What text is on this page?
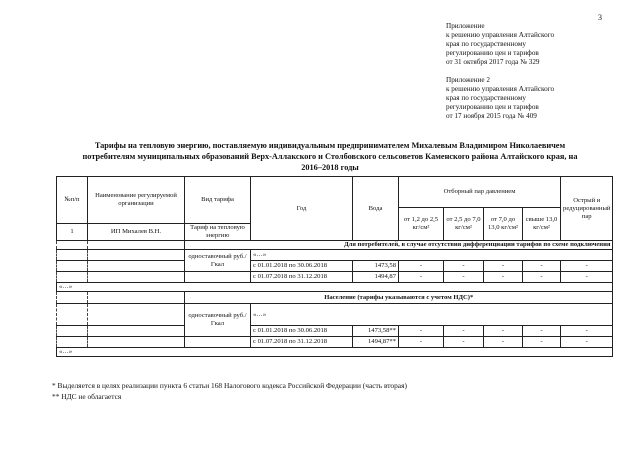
3
Приложение
к решению управления Алтайского
края по государственному
регулированию цен и тарифов
от 31 октября 2017 года № 329
Приложение 2
к решению управления Алтайского
края по государственному
регулированию цен и тарифов
от 17 ноября 2015 года № 409
Тарифы на тепловую энергию, поставляемую индивидуальным предпринимателем Михалевым Владимиром Николаевичем
потребителям муниципальных образований Верх-Аллакского и Столбовского сельсоветов Каменского района Алтайского края, на
2016–2018 годы
№п/п	Наименование регулируемой организации	Вид тарифа	Год	Вода	Отборный пар давлением				Острый и редуцированный пар
					от 1,2 до 2,5 кг/см²	от 2,5 до 7,0 кг/см²	от 7,0 до 13,0 кг/см²	свыше 13,0 кг/см²	
1	ИП Михалев В.Н.	Тариф на тепловую энергию							
		Для потребителей, в случае отсутствия дифференциации тарифов по схеме подключения							
		одноставочный руб./Гкал	«…»						
			с 01.01.2018 по 30.06.2018	1473,58	-	-	-	-	-
			с 01.07.2018 по 31.12.2018	1494,87	-	-	-	-	-
«…»									
		Население (тарифы указываются с учетом НДС)*							
		одноставочный руб./Гкал	«…»						
			с 01.01.2018 по 30.06.2018	1473,58**	-	-	-	-	-
			с 01.07.2018 по 31.12.2018	1494,87**	-	-	-	-	-
«…»									
* Выделяется в целях реализации пункта 6 статьи 168 Налогового кодекса Российской Федерации (часть вторая)
** НДС не облагается
